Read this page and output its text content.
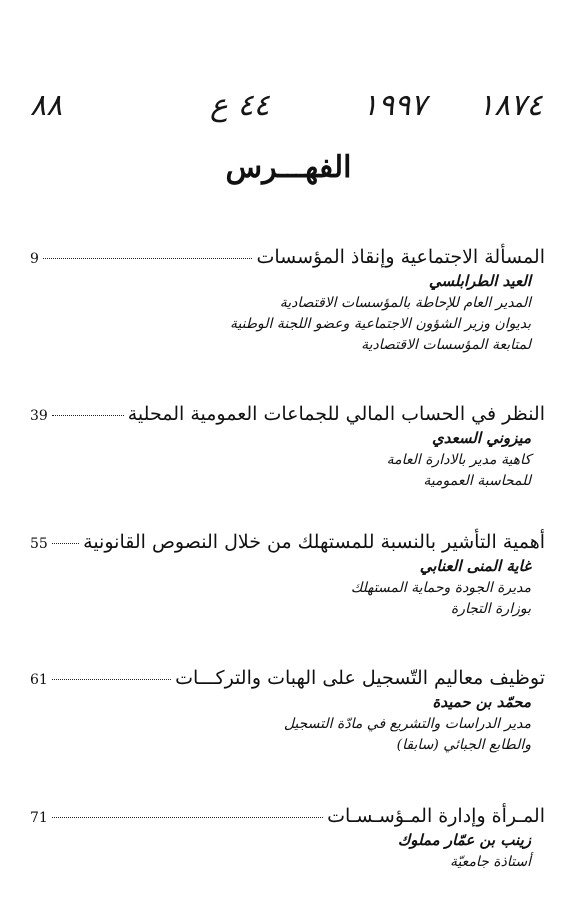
٨٨	٤٤ ع	١٩٩٧ ١٨٧٤
الفهـــرس
المسألة الاجتماعية وإنقاذ المؤسسات
9
العيد الطرابلسي
المدير العام للإحاطة بالمؤسسات الاقتصادية
بديوان وزير الشؤون الاجتماعية وعضو اللجنة الوطنية
لمتابعة المؤسسات الاقتصادية
النظر في الحساب المالي للجماعات العمومية المحلية
39
ميزوني السعدي
كاهية مدير بالادارة العامة
للمحاسبة العمومية
أهمية التأشير بالنسبة للمستهلك من خلال النصوص القانونية
55
غاية المنى العنابي
مديرة الجودة وحماية المستهلك
بوزارة التجارة
توظيف معاليم التّسجيل على الهبات والتركـــات
61
محمّد بن حميدة
مدير الدراسات والتشريع في مادّة التسجيل
والطابع الجبائي (سابقا)
المـرأة وإدارة المـؤسـسـات
71
زينب بن عمّار مملوك
أستاذة جامعيّة
